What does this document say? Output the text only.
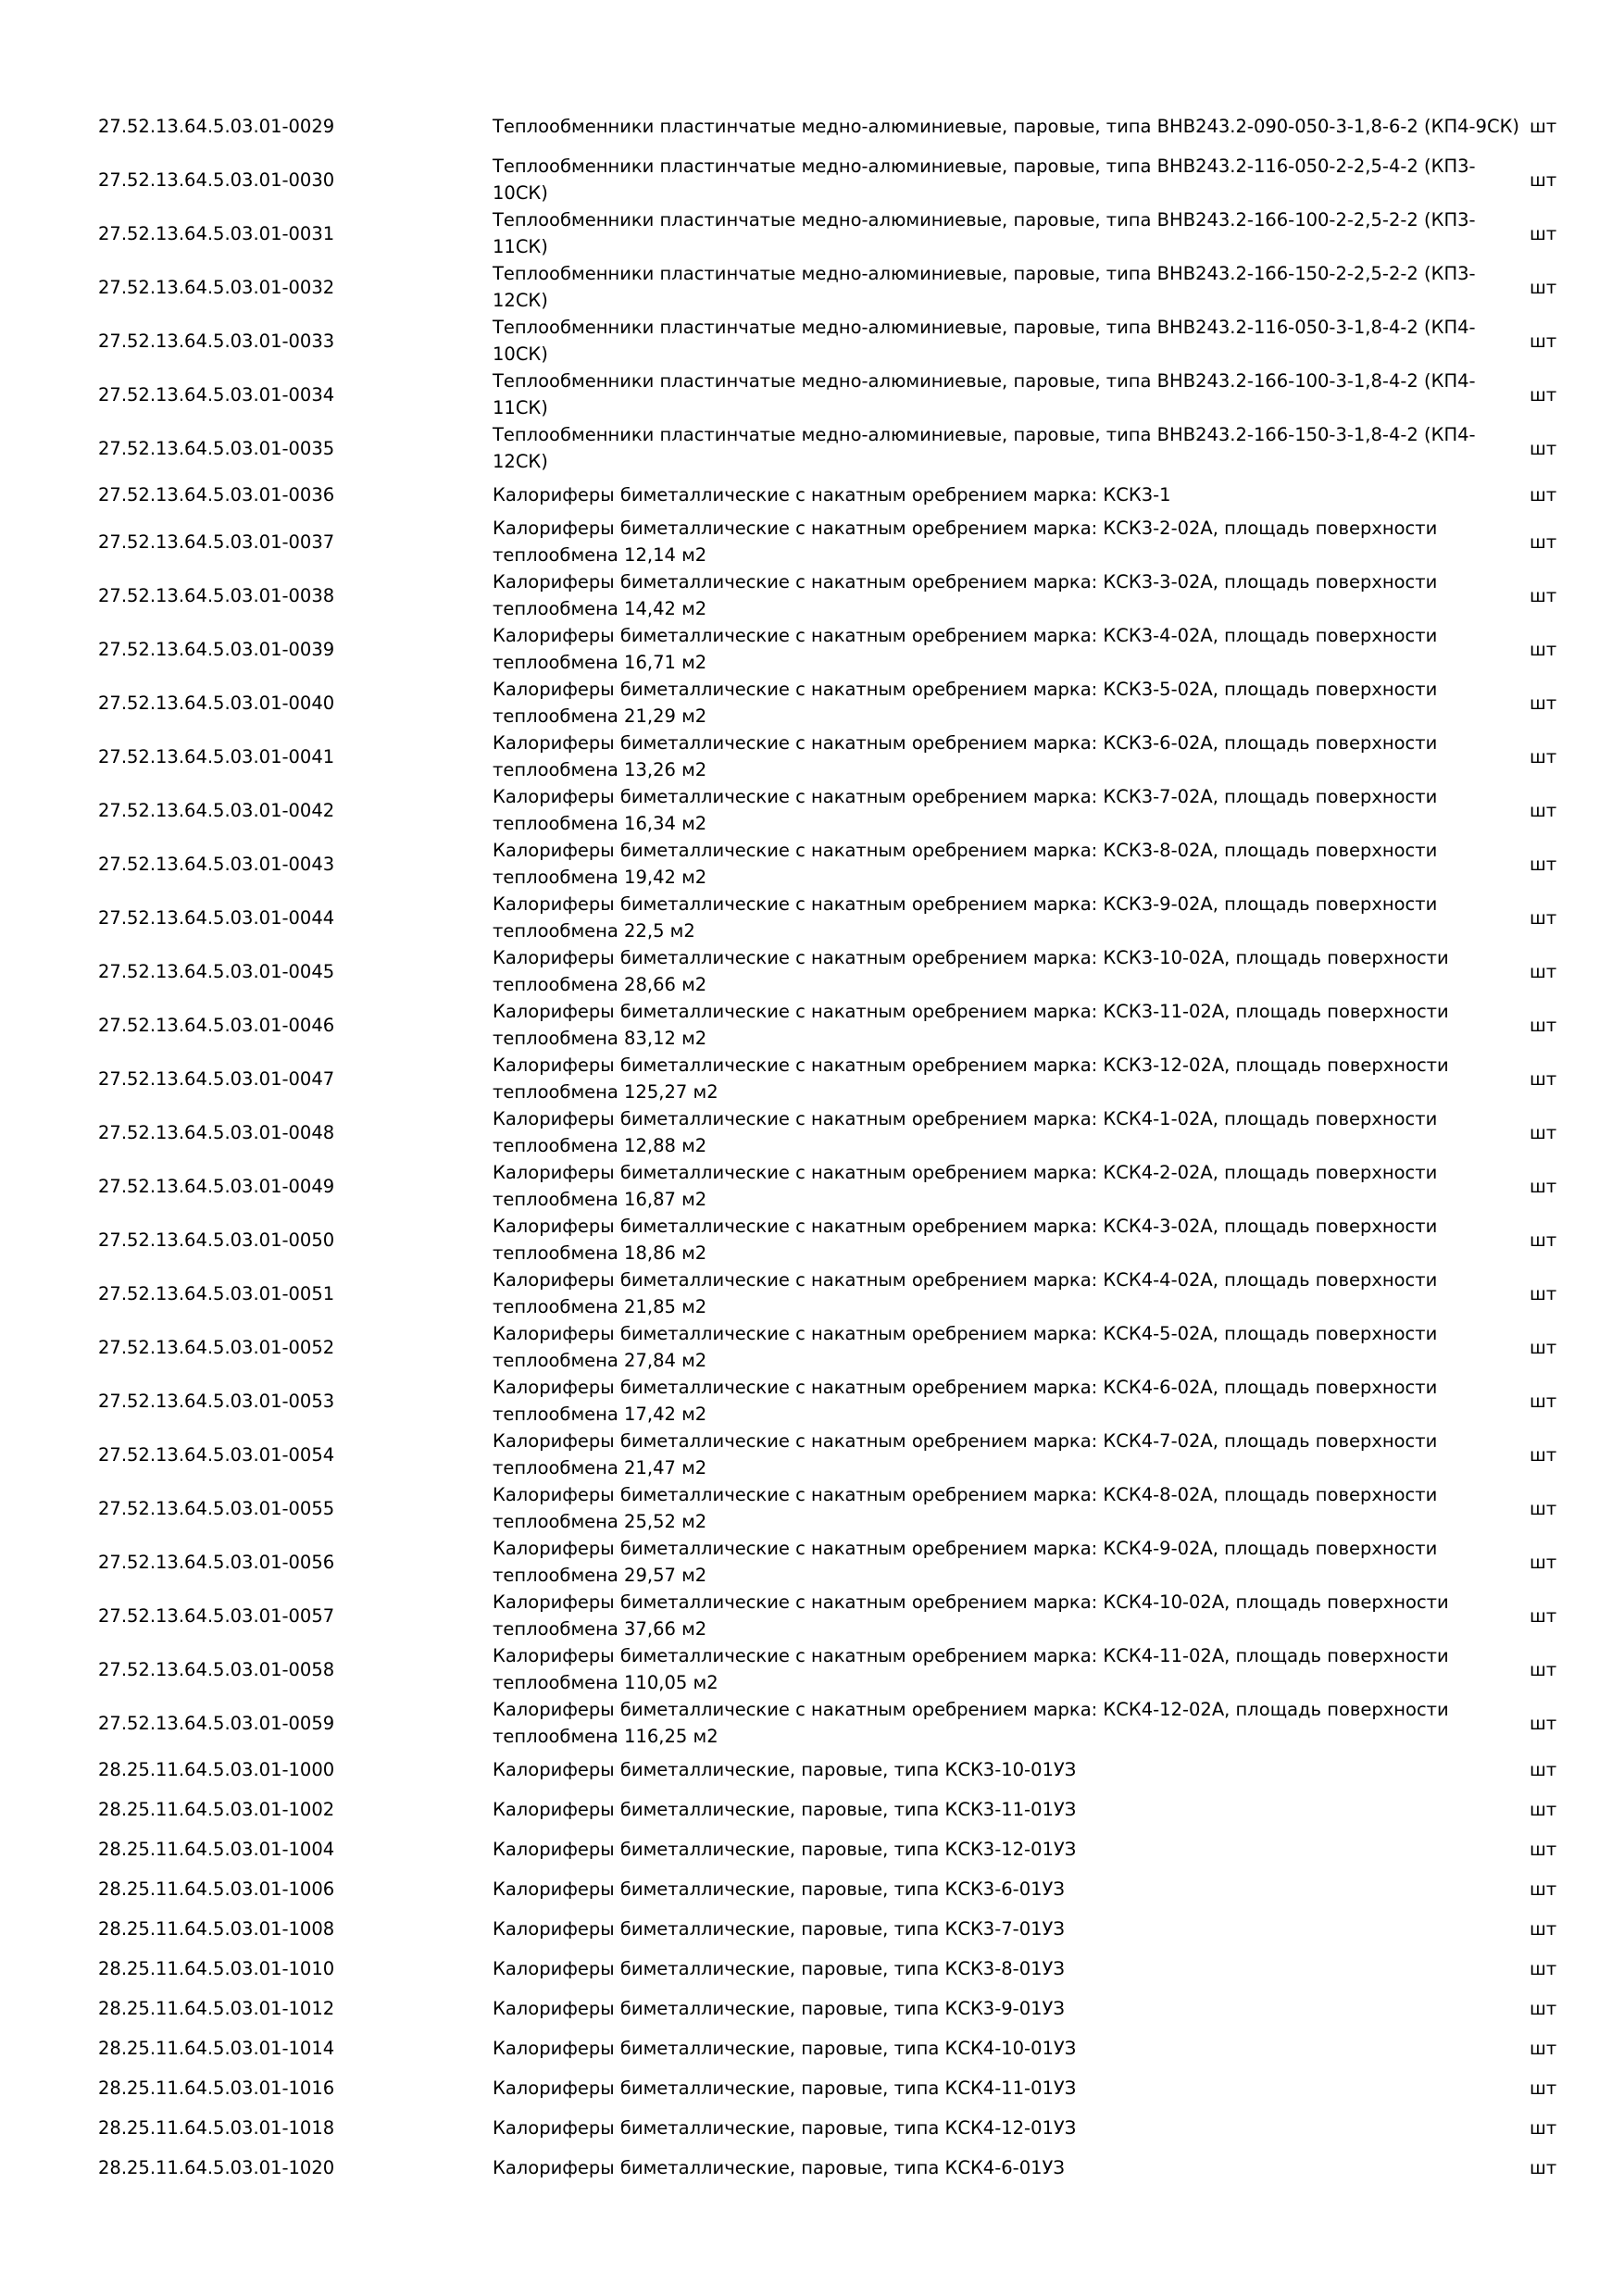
27.52.13.64.5.03.01-0029	Теплообменники пластинчатые медно-алюминиевые, паровые, типа ВНВ243.2-090-050-3-1,8-6-2 (КП4-9СК)	шт
27.52.13.64.5.03.01-0030	Теплообменники пластинчатые медно-алюминиевые, паровые, типа ВНВ243.2-116-050-2-2,5-4-2 (КП3-10СК)	шт
27.52.13.64.5.03.01-0031	Теплообменники пластинчатые медно-алюминиевые, паровые, типа ВНВ243.2-166-100-2-2,5-2-2 (КП3-11СК)	шт
27.52.13.64.5.03.01-0032	Теплообменники пластинчатые медно-алюминиевые, паровые, типа ВНВ243.2-166-150-2-2,5-2-2 (КП3-12СК)	шт
27.52.13.64.5.03.01-0033	Теплообменники пластинчатые медно-алюминиевые, паровые, типа ВНВ243.2-116-050-3-1,8-4-2 (КП4-10СК)	шт
27.52.13.64.5.03.01-0034	Теплообменники пластинчатые медно-алюминиевые, паровые, типа ВНВ243.2-166-100-3-1,8-4-2 (КП4-11СК)	шт
27.52.13.64.5.03.01-0035	Теплообменники пластинчатые медно-алюминиевые, паровые, типа ВНВ243.2-166-150-3-1,8-4-2 (КП4-12СК)	шт
27.52.13.64.5.03.01-0036	Калориферы биметаллические с накатным оребрением марка: КСК3-1	шт
27.52.13.64.5.03.01-0037	Калориферы биметаллические с накатным оребрением марка: КСК3-2-02А, площадь поверхности теплообмена 12,14 м2	шт
27.52.13.64.5.03.01-0038	Калориферы биметаллические с накатным оребрением марка: КСК3-3-02А, площадь поверхности теплообмена 14,42 м2	шт
27.52.13.64.5.03.01-0039	Калориферы биметаллические с накатным оребрением марка: КСК3-4-02А, площадь поверхности теплообмена 16,71 м2	шт
27.52.13.64.5.03.01-0040	Калориферы биметаллические с накатным оребрением марка: КСК3-5-02А, площадь поверхности теплообмена 21,29 м2	шт
27.52.13.64.5.03.01-0041	Калориферы биметаллические с накатным оребрением марка: КСК3-6-02А, площадь поверхности теплообмена 13,26 м2	шт
27.52.13.64.5.03.01-0042	Калориферы биметаллические с накатным оребрением марка: КСК3-7-02А, площадь поверхности теплообмена 16,34 м2	шт
27.52.13.64.5.03.01-0043	Калориферы биметаллические с накатным оребрением марка: КСК3-8-02А, площадь поверхности теплообмена 19,42 м2	шт
27.52.13.64.5.03.01-0044	Калориферы биметаллические с накатным оребрением марка: КСК3-9-02А, площадь поверхности теплообмена 22,5 м2	шт
27.52.13.64.5.03.01-0045	Калориферы биметаллические с накатным оребрением марка: КСК3-10-02А, площадь поверхности теплообмена 28,66 м2	шт
27.52.13.64.5.03.01-0046	Калориферы биметаллические с накатным оребрением марка: КСК3-11-02А, площадь поверхности теплообмена 83,12 м2	шт
27.52.13.64.5.03.01-0047	Калориферы биметаллические с накатным оребрением марка: КСК3-12-02А, площадь поверхности теплообмена 125,27 м2	шт
27.52.13.64.5.03.01-0048	Калориферы биметаллические с накатным оребрением марка: КСК4-1-02А, площадь поверхности теплообмена 12,88 м2	шт
27.52.13.64.5.03.01-0049	Калориферы биметаллические с накатным оребрением марка: КСК4-2-02А, площадь поверхности теплообмена 16,87 м2	шт
27.52.13.64.5.03.01-0050	Калориферы биметаллические с накатным оребрением марка: КСК4-3-02А, площадь поверхности теплообмена 18,86 м2	шт
27.52.13.64.5.03.01-0051	Калориферы биметаллические с накатным оребрением марка: КСК4-4-02А, площадь поверхности теплообмена 21,85 м2	шт
27.52.13.64.5.03.01-0052	Калориферы биметаллические с накатным оребрением марка: КСК4-5-02А, площадь поверхности теплообмена 27,84 м2	шт
27.52.13.64.5.03.01-0053	Калориферы биметаллические с накатным оребрением марка: КСК4-6-02А, площадь поверхности теплообмена 17,42 м2	шт
27.52.13.64.5.03.01-0054	Калориферы биметаллические с накатным оребрением марка: КСК4-7-02А, площадь поверхности теплообмена 21,47 м2	шт
27.52.13.64.5.03.01-0055	Калориферы биметаллические с накатным оребрением марка: КСК4-8-02А, площадь поверхности теплообмена 25,52 м2	шт
27.52.13.64.5.03.01-0056	Калориферы биметаллические с накатным оребрением марка: КСК4-9-02А, площадь поверхности теплообмена 29,57 м2	шт
27.52.13.64.5.03.01-0057	Калориферы биметаллические с накатным оребрением марка: КСК4-10-02А, площадь поверхности теплообмена 37,66 м2	шт
27.52.13.64.5.03.01-0058	Калориферы биметаллические с накатным оребрением марка: КСК4-11-02А, площадь поверхности теплообмена 110,05 м2	шт
27.52.13.64.5.03.01-0059	Калориферы биметаллические с накатным оребрением марка: КСК4-12-02А, площадь поверхности теплообмена 116,25 м2	шт
28.25.11.64.5.03.01-1000	Калориферы биметаллические, паровые, типа КСК3-10-01УЗ	шт
28.25.11.64.5.03.01-1002	Калориферы биметаллические, паровые, типа КСК3-11-01УЗ	шт
28.25.11.64.5.03.01-1004	Калориферы биметаллические, паровые, типа КСК3-12-01УЗ	шт
28.25.11.64.5.03.01-1006	Калориферы биметаллические, паровые, типа КСК3-6-01УЗ	шт
28.25.11.64.5.03.01-1008	Калориферы биметаллические, паровые, типа КСК3-7-01УЗ	шт
28.25.11.64.5.03.01-1010	Калориферы биметаллические, паровые, типа КСК3-8-01УЗ	шт
28.25.11.64.5.03.01-1012	Калориферы биметаллические, паровые, типа КСК3-9-01УЗ	шт
28.25.11.64.5.03.01-1014	Калориферы биметаллические, паровые, типа КСК4-10-01УЗ	шт
28.25.11.64.5.03.01-1016	Калориферы биметаллические, паровые, типа КСК4-11-01УЗ	шт
28.25.11.64.5.03.01-1018	Калориферы биметаллические, паровые, типа КСК4-12-01УЗ	шт
28.25.11.64.5.03.01-1020	Калориферы биметаллические, паровые, типа КСК4-6-01УЗ	шт
